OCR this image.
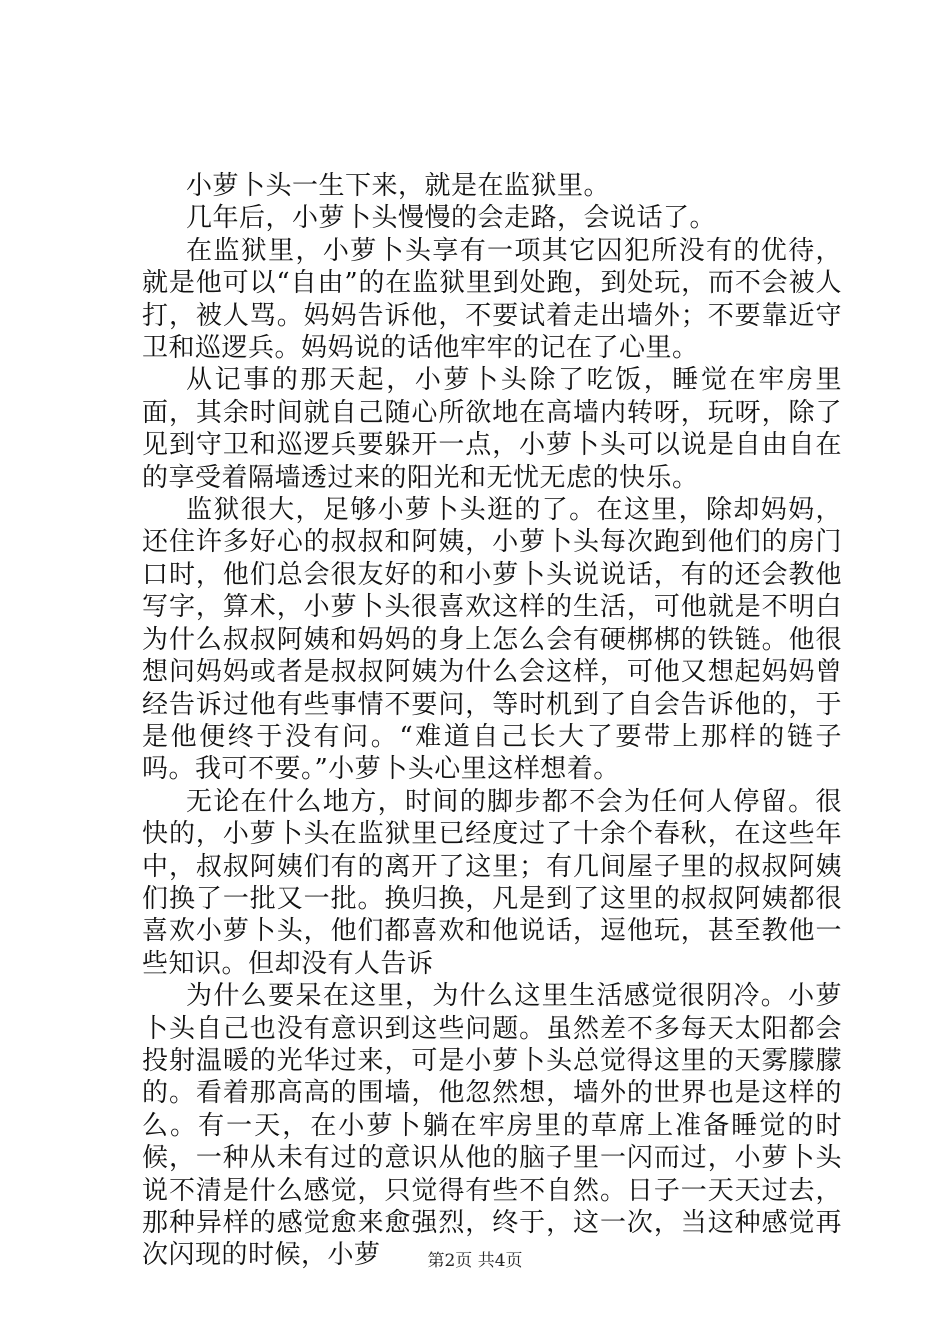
小萝卜头一生下来，就是在监狱里。

几年后，小萝卜头慢慢的会走路，会说话了。

在监狱里，小萝卜头享有一项其它囚犯所没有的优待，就是他可以“自由”的在监狱里到处跑，到处玩，而不会被人打，被人骂。妈妈告诉他，不要试着走出墙外；不要靠近守卫和巡逻兵。妈妈说的话他牢牢的记在了心里。

从记事的那天起，小萝卜头除了吃饭，睡觉在牢房里面，其余时间就自己随心所欲地在高墙内转呀，玩呀，除了见到守卫和巡逻兵要躲开一点，小萝卜头可以说是自由自在的享受着隔墙透过来的阳光和无忧无虑的快乐。

监狱很大，足够小萝卜头逛的了。在这里，除却妈妈，还住许多好心的叔叔和阿姨，小萝卜头每次跑到他们的房门口时，他们总会很友好的和小萝卜头说说话，有的还会教他写字，算术，小萝卜头很喜欢这样的生活，可他就是不明白为什么叔叔阿姨和妈妈的身上怎么会有硬梆梆的铁链。他很想问妈妈或者是叔叔阿姨为什么会这样，可他又想起妈妈曾经告诉过他有些事情不要问，等时机到了自会告诉他的，于是他便终于没有问。“难道自己长大了要带上那样的链子吗。我可不要。”小萝卜头心里这样想着。

无论在什么地方，时间的脚步都不会为任何人停留。很快的，小萝卜头在监狱里已经度过了十余个春秋，在这些年中，叔叔阿姨们有的离开了这里；有几间屋子里的叔叔阿姨们换了一批又一批。换归换，凡是到了这里的叔叔阿姨都很喜欢小萝卜头，他们都喜欢和他说话，逗他玩，甚至教他一些知识。但却没有人告诉

为什么要呆在这里，为什么这里生活感觉很阴冷。小萝卜头自己也没有意识到这些问题。虽然差不多每天太阳都会投射温暖的光华过来，可是小萝卜头总觉得这里的天雾朦朦的。看着那高高的围墙，他忽然想，墙外的世界也是这样的么。有一天，在小萝卜躺在牢房里的草席上准备睡觉的时候，一种从未有过的意识从他的脑子里一闪而过，小萝卜头说不清是什么感觉，只觉得有些不自然。日子一天天过去，那种异样的感觉愈来愈强烈，终于，这一次，当这种感觉再次闪现的时候，小萝	第2页 共4页
